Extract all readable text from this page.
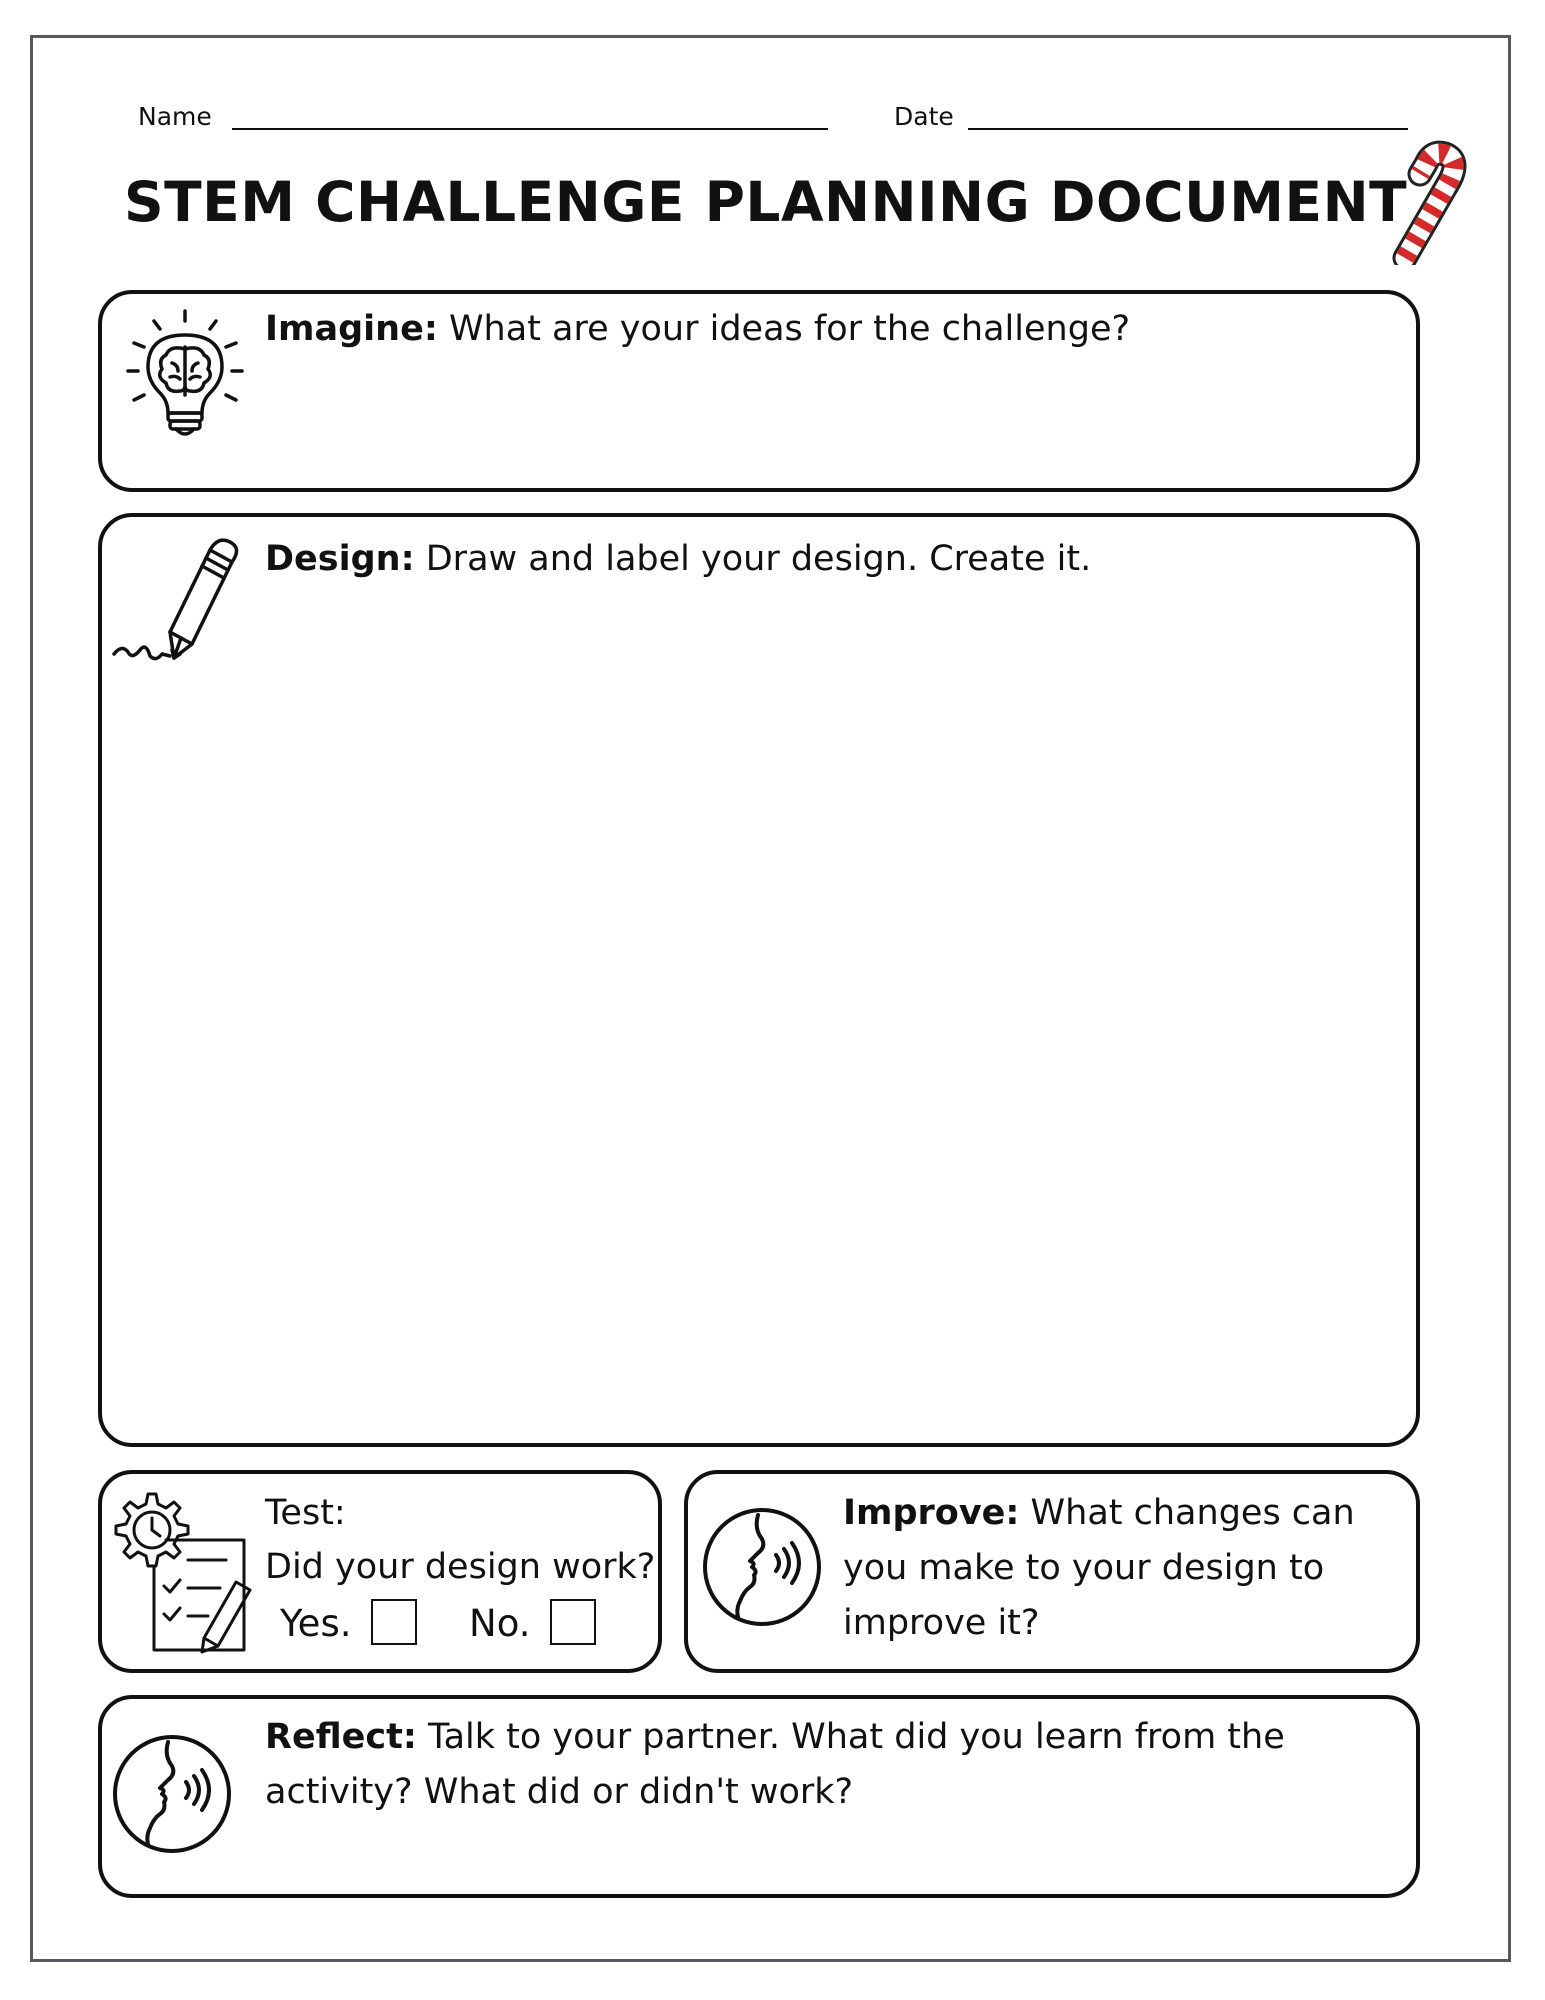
Name	Date
STEM CHALLENGE PLANNING DOCUMENT
Imagine: What are your ideas for the challenge?
Design: Draw and label your design. Create it.
Test:
Did your design work?
Yes.	No.
Improve: What changes can
you make to your design to
improve it?
Reflect: Talk to your partner. What did you learn from the
activity? What did or didn't work?
